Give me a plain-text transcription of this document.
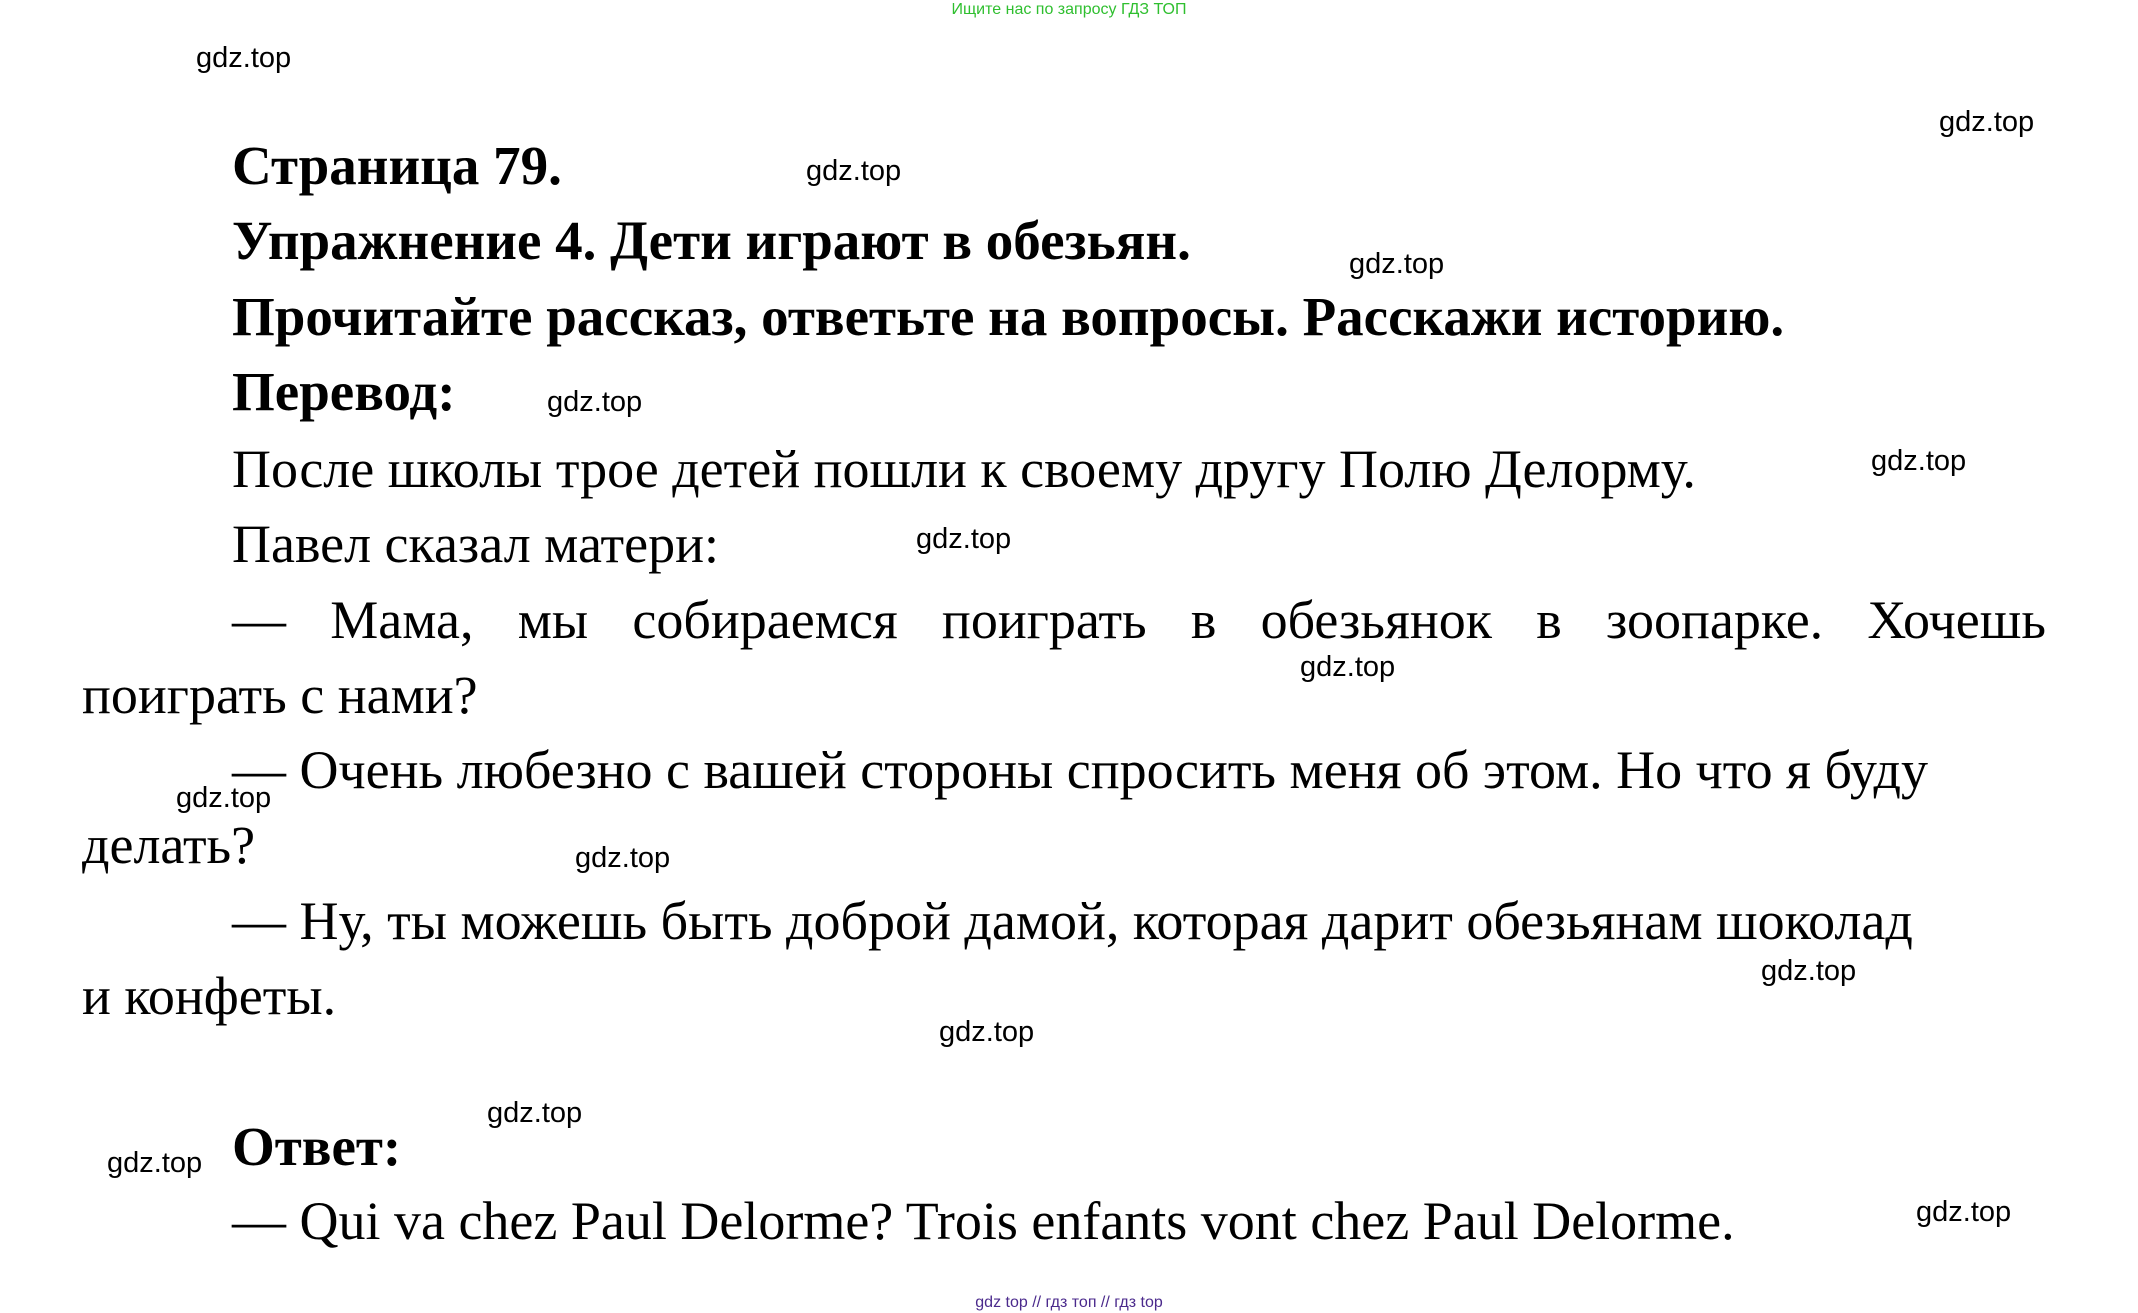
Ищите нас по запросу ГДЗ ТОП
gdz.top
gdz.top
gdz.top
gdz.top
gdz.top
gdz.top
gdz.top
gdz.top
gdz.top
gdz.top
gdz.top
gdz.top
gdz.top
gdz.top
gdz.top
Страница 79.
Упражнение 4. Дети играют в обезьян.
Прочитайте рассказ, ответьте на вопросы. Расскажи историю.
Перевод:
После школы трое детей пошли к своему другу Полю Делорму.
Павел сказал матери:
— Мама, мы собираемся поиграть в обезьянок в зоопарке. Хочешь
поиграть с нами?
— Очень любезно с вашей стороны спросить меня об этом. Но что я буду
делать?
— Ну, ты можешь быть доброй дамой, которая дарит обезьянам шоколад
и конфеты.
Ответ:
— Qui va chez Paul Delorme? Trois enfants vont chez Paul Delorme.
gdz top // гдз топ // гдз top
